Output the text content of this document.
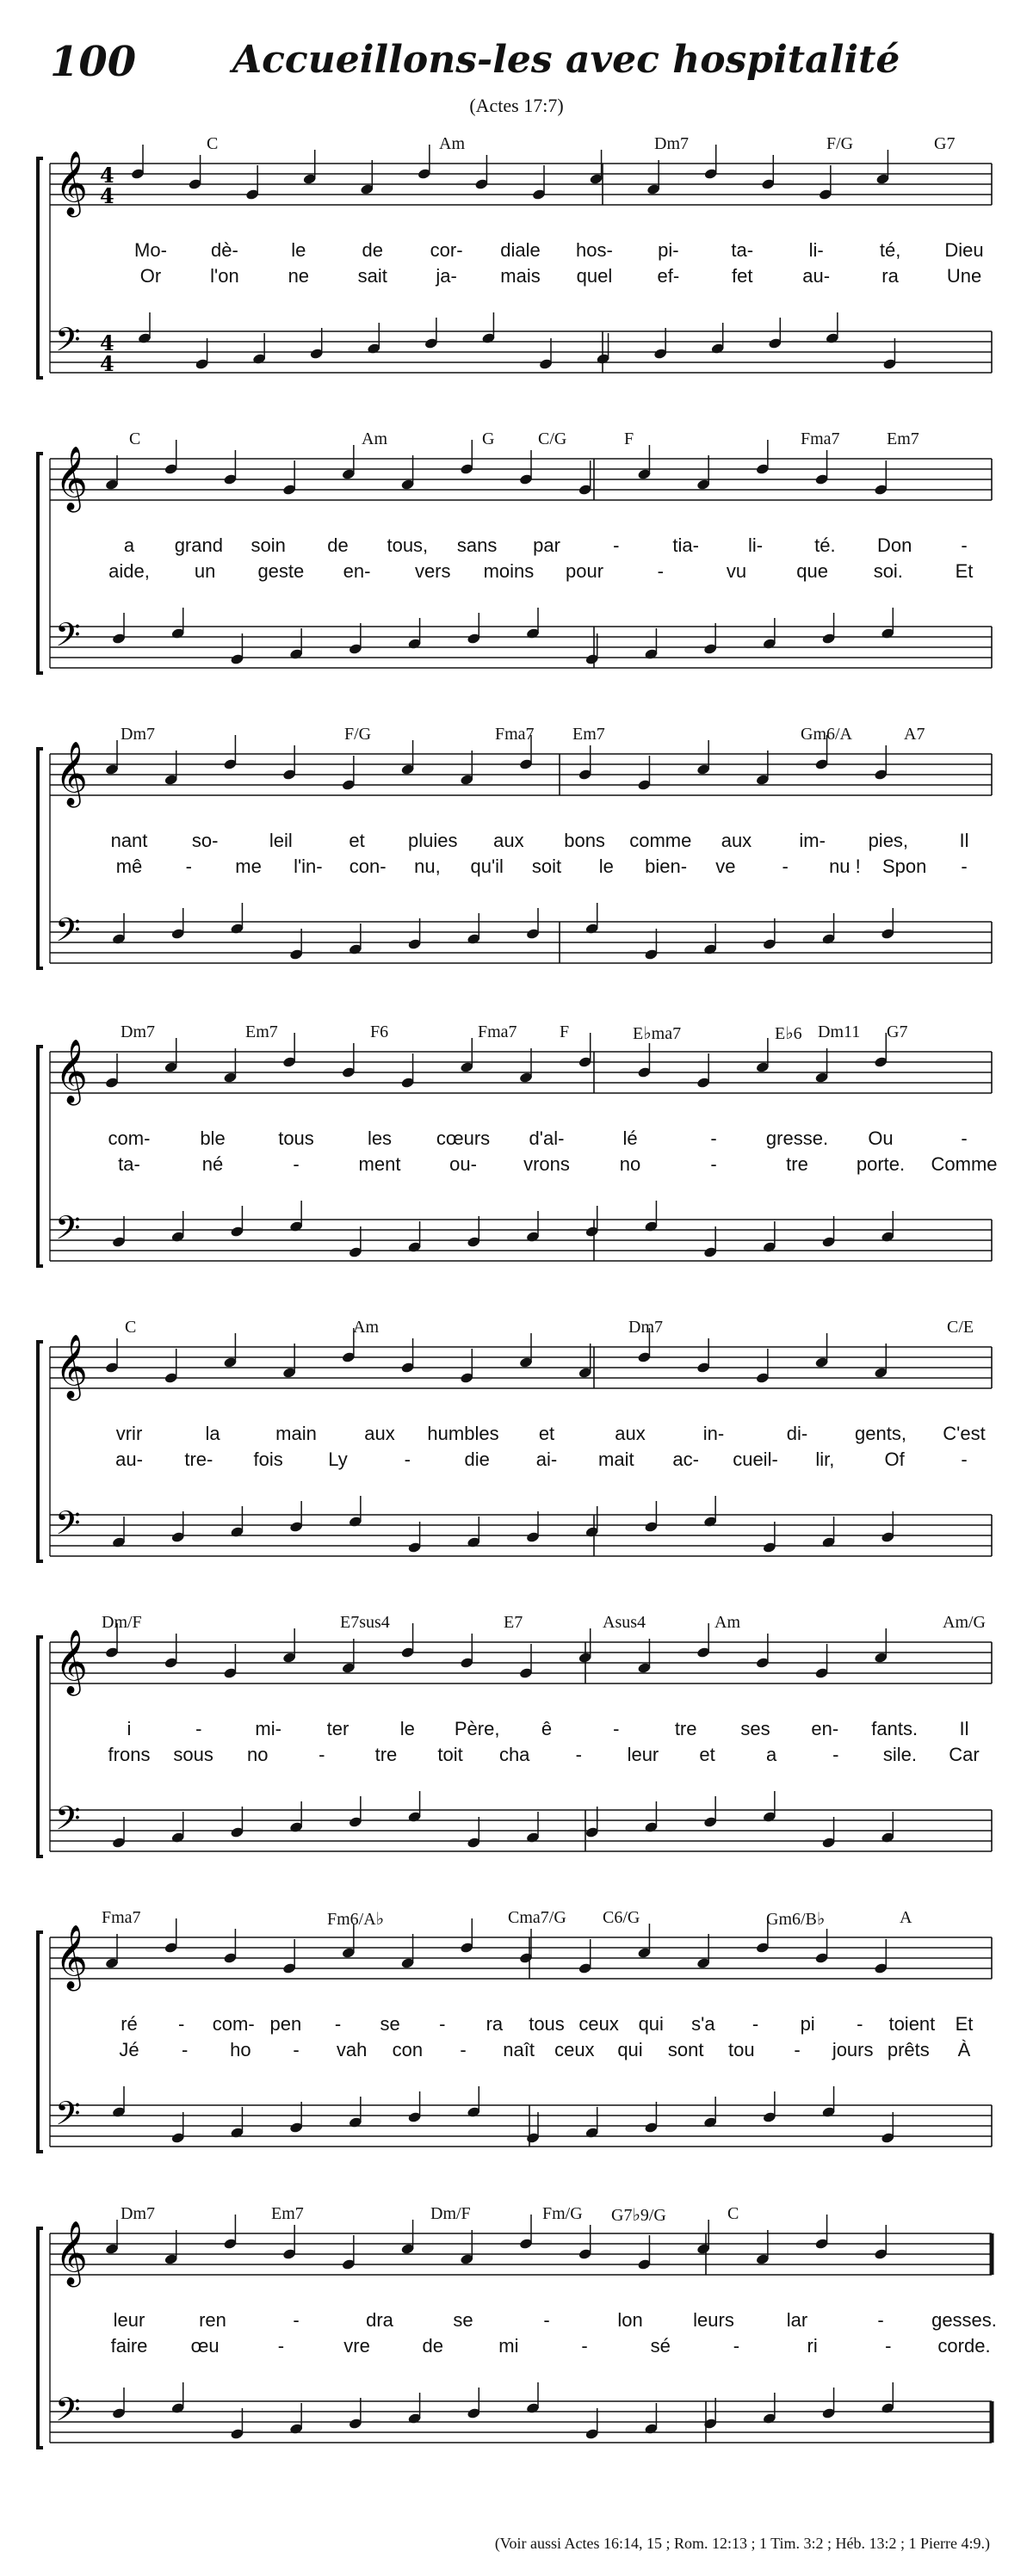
100	Accueillons-les avec hospitalité
(Actes 17:7)
𝄞
𝄢
4
4
4
4
C	Am	Dm7	F/G	G7
Mo- dè-	le	de cor- diale hos- pi-	ta-	li-	té, Dieu
Or	l'on	ne	sait	ja- mais quel ef-	fet	au-	ra	Une
𝄞
𝄢
C	Am	G	C/G	F	Fma7	Em7
a grand soin de tous, sans par	-	tia-	li-	té. Don	-
aide, un geste en- vers moins pour	-	vu	que soi.	Et
𝄞
𝄢
Dm7	F/G	Fma7 Em7	Gm6/A	A7
nant so-	leil	et pluies aux bons comme aux	im- pies,	Il
mê - me l'in- con- nu, qu'il soit le bien- ve - nu ! Spon -
𝄞
𝄢
Dm7	Em7	F6	Fma7 F	E♭ma7	E♭6 Dm11 G7
com-	ble	tous	les cœurs d'al-	lé	-	gresse. Ou	-
ta-	né	-	ment	ou- vrons	no	-	tre	porte. Comme
𝄞
𝄢
C	Am	Dm7	C/E
vrir	la	main	aux humbles et	aux	in-	di- gents, C'est
au- tre- fois Ly	-	die ai- mait ac- cueil- lir,	Of	-
𝄞
𝄢
Dm/F	E7sus4	E7	Asus4	Am	Am/G
i	-	mi- ter	le Père, ê	-	tre ses en- fants. Il
frons sous no	-	tre toit cha - leur et	a	- sile. Car
𝄞
𝄢
Fma7	Fm6/A♭	Cma7/G C6/G	Gm6/B♭	A
ré - com- pen - se - ra tous ceux qui s'a - pi - toient Et
Jé - ho - vah con - naît ceux qui sont tou - jours prêts À
𝄞
𝄢
Dm7	Em7	Dm/F	Fm/G G7♭9/G	C
leur	ren	-	dra	se	-	lon	leurs	lar	-	gesses.
faire œu	-	vre	de	mi	-	sé	-	ri	- corde.
(Voir aussi Actes 16:14, 15 ; Rom. 12:13 ; 1 Tim. 3:2 ; Héb. 13:2 ; 1 Pierre 4:9.)
